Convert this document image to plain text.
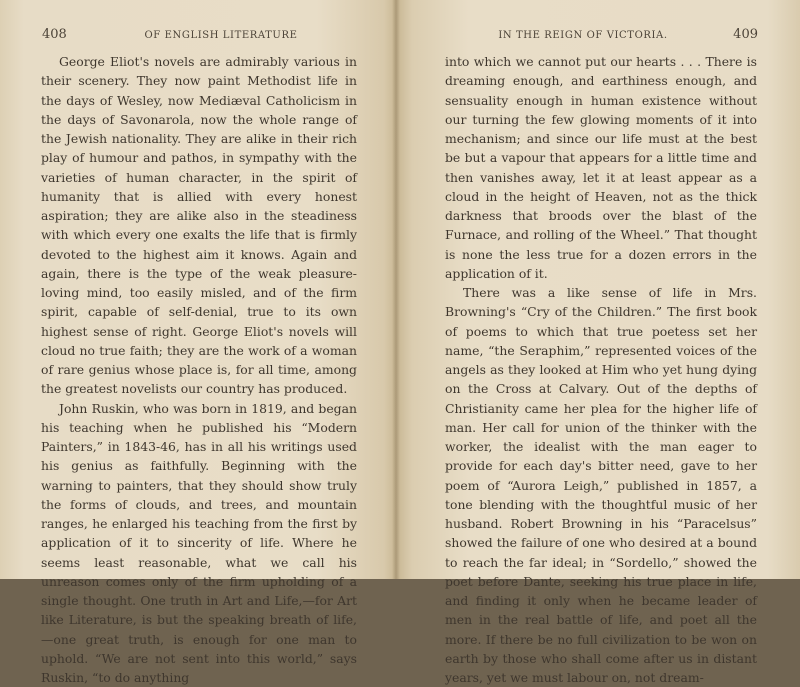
408	OF ENGLISH LITERATURE

George Eliot's novels are admirably various in their scenery. They now paint Methodist life in the days of Wesley, now Mediæval Catholicism in the days of Savonarola, now the whole range of the Jewish nationality. They are alike in their rich play of humour and pathos, in sympathy with the varieties of human character, in the spirit of humanity that is allied with every honest aspiration; they are alike also in the steadiness with which every one exalts the life that is firmly devoted to the highest aim it knows. Again and again, there is the type of the weak pleasure-loving mind, too easily misled, and of the firm spirit, capable of self-denial, true to its own highest sense of right. George Eliot's novels will cloud no true faith; they are the work of a woman of rare genius whose place is, for all time, among the greatest novelists our country has produced.

John Ruskin, who was born in 1819, and began his teaching when he published his “Modern Painters,” in 1843-46, has in all his writings used his genius as faithfully. Beginning with the warning to painters, that they should show truly the forms of clouds, and trees, and mountain ranges, he enlarged his teaching from the first by application of it to sincerity of life. Where he seems least reasonable, what we call his unreason comes only of the firm upholding of a single thought. One truth in Art and Life,—for Art like Literature, is but the speaking breath of life,—one great truth, is enough for one man to uphold. “We are not sent into this world,” says Ruskin, “to do anything

IN THE REIGN OF VICTORIA.	409

into which we cannot put our hearts . . . There is dreaming enough, and earthiness enough, and sensuality enough in human existence without our turning the few glowing moments of it into mechanism; and since our life must at the best be but a vapour that appears for a little time and then vanishes away, let it at least appear as a cloud in the height of Heaven, not as the thick darkness that broods over the blast of the Furnace, and rolling of the Wheel.” That thought is none the less true for a dozen errors in the application of it.

There was a like sense of life in Mrs. Browning's “Cry of the Children.” The first book of poems to which that true poetess set her name, “the Seraphim,” represented voices of the angels as they looked at Him who yet hung dying on the Cross at Calvary. Out of the depths of Christianity came her plea for the higher life of man. Her call for union of the thinker with the worker, the idealist with the man eager to provide for each day's bitter need, gave to her poem of “Aurora Leigh,” published in 1857, a tone blending with the thoughtful music of her husband. Robert Browning in his “Paracelsus” showed the failure of one who desired at a bound to reach the far ideal; in “Sordello,” showed the poet before Dante, seeking his true place in life, and finding it only when he became leader of men in the real battle of life, and poet all the more. If there be no full civilization to be won on earth by those who shall come after us in distant years, yet we must labour on, not dream-
